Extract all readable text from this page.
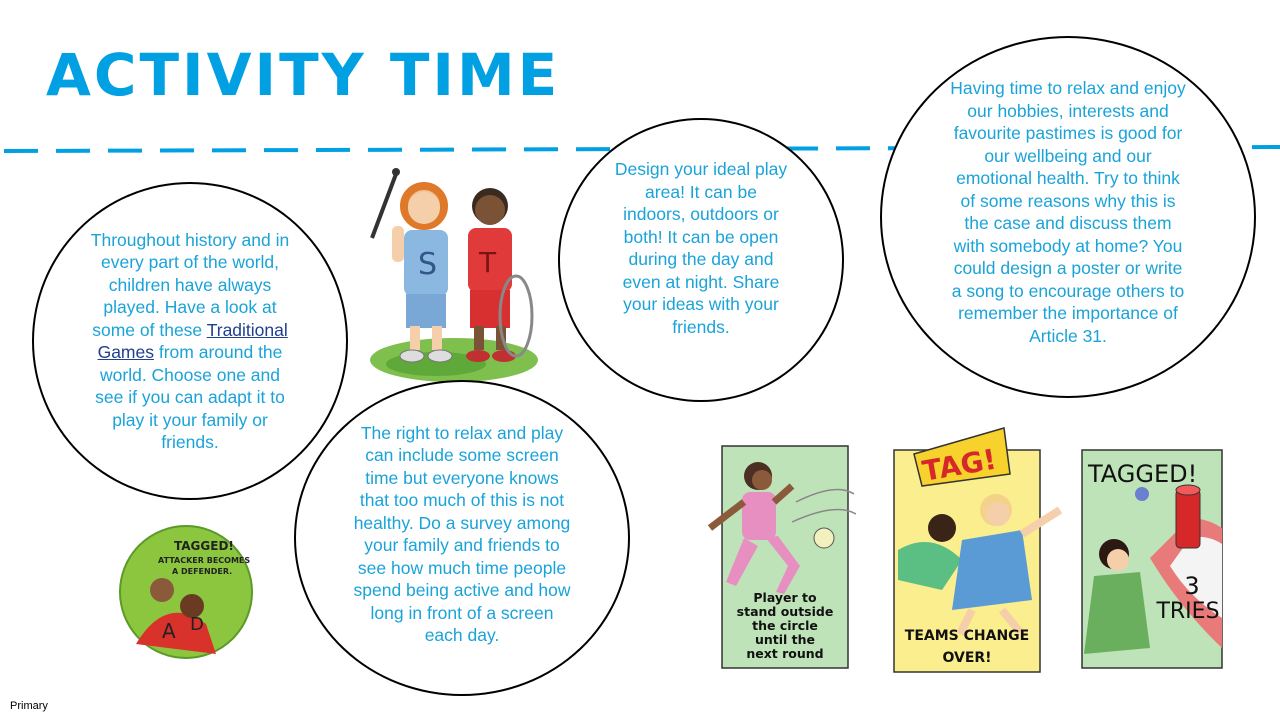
ACTIVITY TIME
S T
A D
TAGGED!
ATTACKER BECOMES
A DEFENDER.
Player to
stand outside
the circle
until the
next round
TAG!
TEAMS CHANGE
OVER!
TAGGED!
3
TRIES

Throughout history and in every part of the world, children have always played. Have a look at some of these Traditional Games from around the world. Choose one and see if you can adapt it to play it your family or friends.

Design your ideal play area! It can be indoors, outdoors or both! It can be open during the day and even at night. Share your ideas with your friends.

Having time to relax and enjoy our hobbies, interests and favourite pastimes is good for our wellbeing and our emotional health. Try to think of some reasons why this is the case and discuss them with somebody at home? You could design a poster or write a song to encourage others to remember the importance of Article 31.

The right to relax and play can include some screen time but everyone knows that too much of this is not healthy. Do a survey among your family and friends to see how much time people spend being active and how long in front of a screen each day.

Primary
